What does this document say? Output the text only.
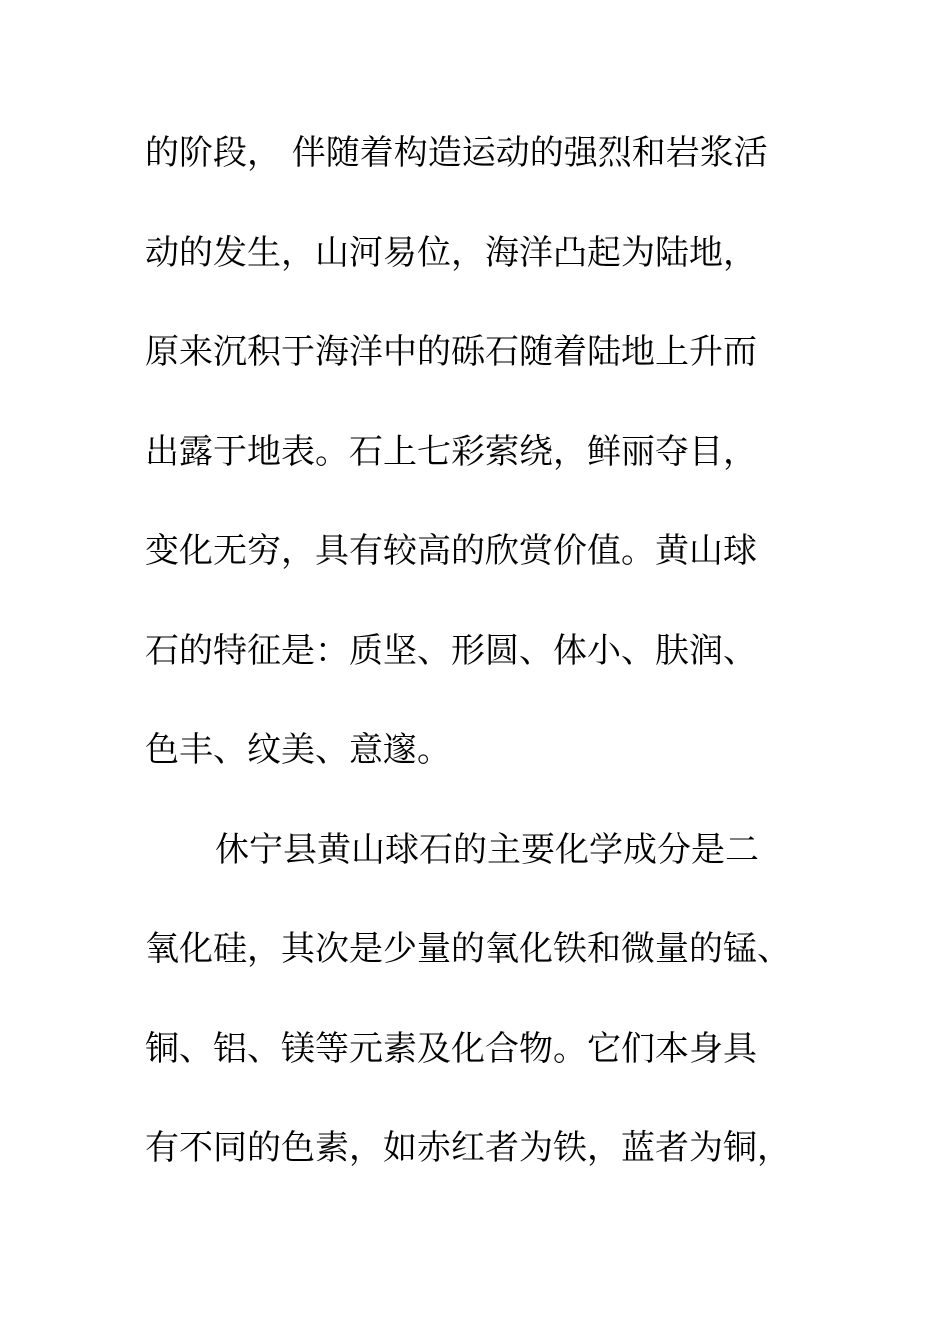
的阶段， 伴随着构造运动的强烈和岩浆活
动的发生，山河易位，海洋凸起为陆地，
原来沉积于海洋中的砾石随着陆地上升而
出露于地表。石上七彩萦绕，鲜丽夺目，
变化无穷，具有较高的欣赏价值。黄山球
石的特征是：质坚、形圆、体小、肤润、
色丰、纹美、意邃。
休宁县黄山球石的主要化学成分是二
氧化硅，其次是少量的氧化铁和微量的锰、
铜、铝、镁等元素及化合物。它们本身具
有不同的色素，如赤红者为铁，蓝者为铜，
